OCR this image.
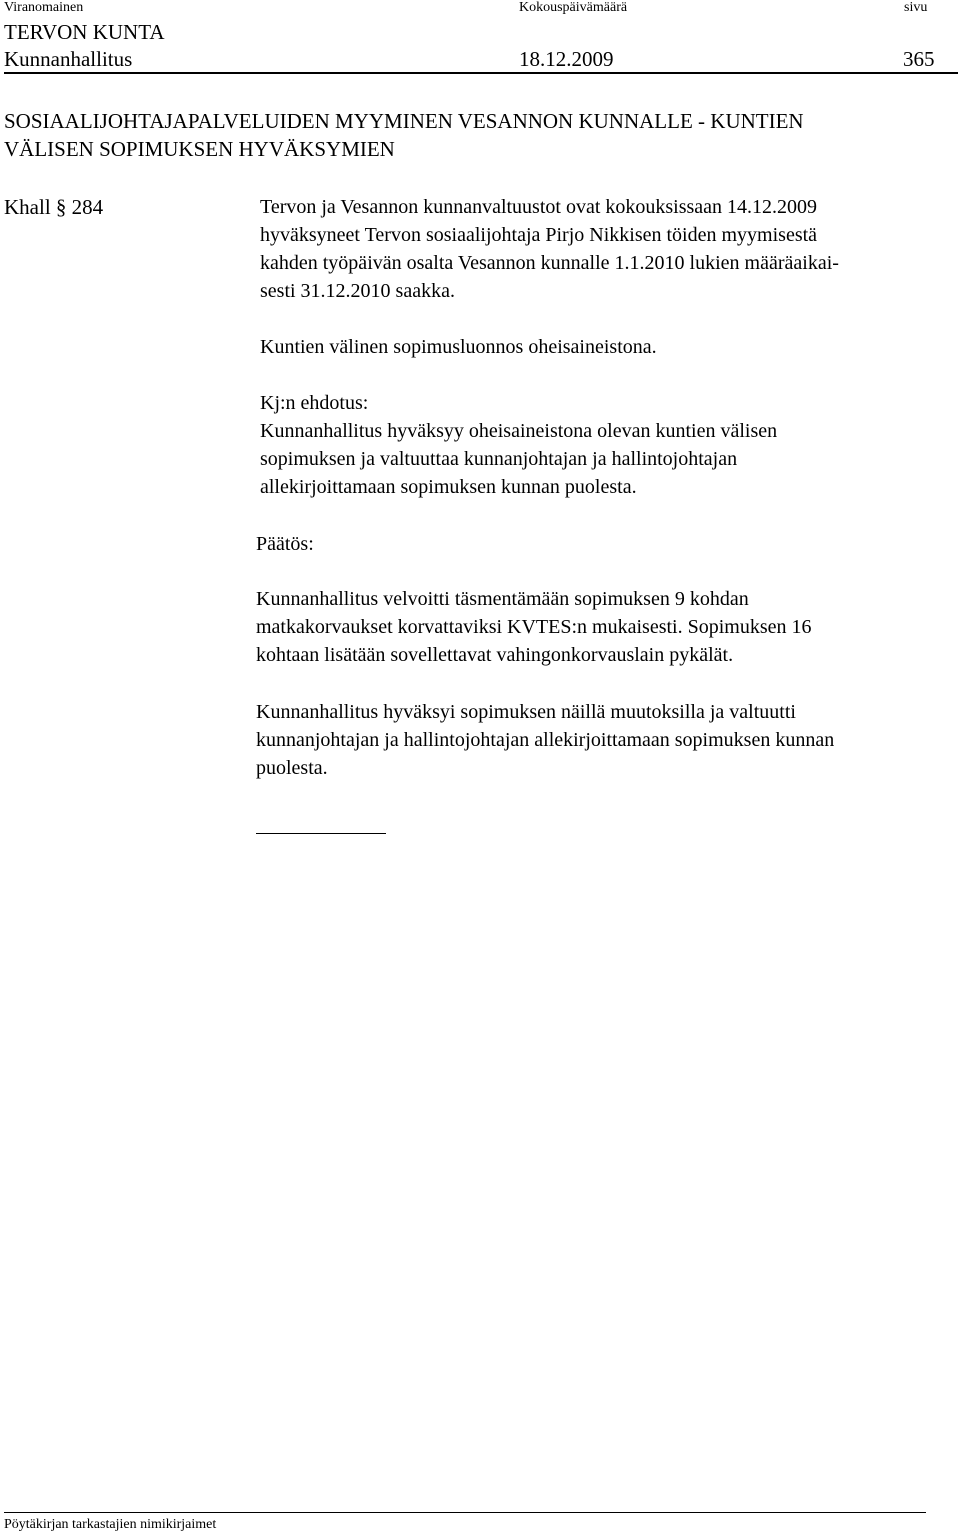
Viranomainen	Kokouspäivämäärä	sivu
TERVON KUNTA
Kunnanhallitus	18.12.2009	365
SOSIAALIJOHTAJAPALVELUIDEN MYYMINEN VESANNON KUNNALLE - KUNTIEN
VÄLISEN SOPIMUKSEN HYVÄKSYMIEN
Khall § 284	Tervon ja Vesannon kunnanvaltuustot ovat kokouksissaan 14.12.2009
hyväksyneet Tervon sosiaalijohtaja Pirjo Nikkisen töiden myymisestä
kahden työpäivän osalta Vesannon kunnalle 1.1.2010 lukien määräaikai-
sesti 31.12.2010 saakka.
Kuntien välinen sopimusluonnos oheisaineistona.
Kj:n ehdotus:
Kunnanhallitus hyväksyy oheisaineistona olevan kuntien välisen
sopimuksen ja valtuuttaa kunnanjohtajan ja hallintojohtajan
allekirjoittamaan sopimuksen kunnan puolesta.
Päätös:
Kunnanhallitus velvoitti täsmentämään sopimuksen 9 kohdan
matkakorvaukset korvattaviksi KVTES:n mukaisesti. Sopimuksen 16
kohtaan lisätään sovellettavat vahingonkorvauslain pykälät.
Kunnanhallitus hyväksyi sopimuksen näillä muutoksilla ja valtuutti
kunnanjohtajan ja hallintojohtajan allekirjoittamaan sopimuksen kunnan
puolesta.
Pöytäkirjan tarkastajien nimikirjaimet
